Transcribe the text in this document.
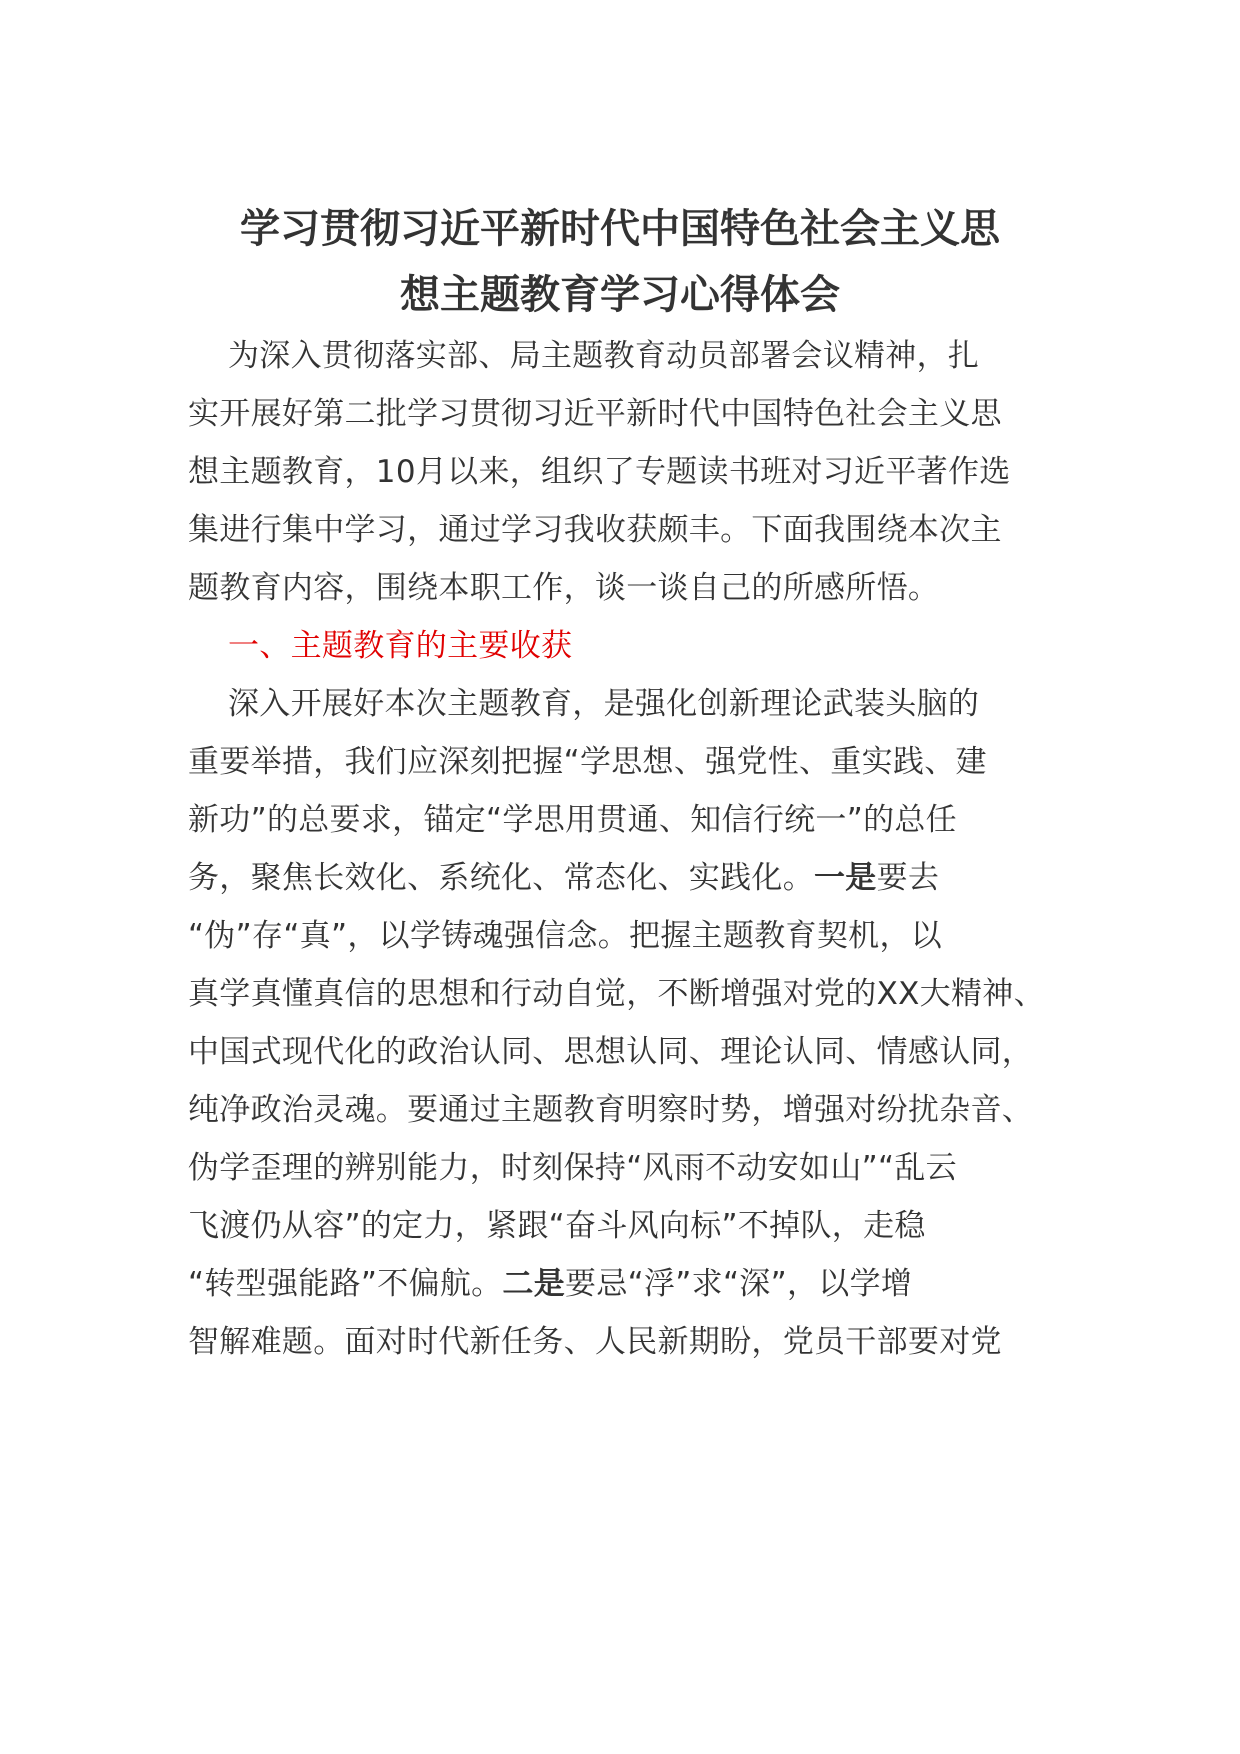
学习贯彻习近平新时代中国特色社会主义思
想主题教育学习心得体会
为深入贯彻落实部、局主题教育动员部署会议精神，扎
实开展好第二批学习贯彻习近平新时代中国特色社会主义思
想主题教育，10月以来，组织了专题读书班对习近平著作选
集进行集中学习，通过学习我收获颇丰。下面我围绕本次主
题教育内容，围绕本职工作，谈一谈自己的所感所悟。
一、主题教育的主要收获
深入开展好本次主题教育，是强化创新理论武装头脑的
重要举措，我们应深刻把握“学思想、强党性、重实践、建
新功”的总要求，锚定“学思用贯通、知信行统一”的总任
务，聚焦长效化、系统化、常态化、实践化。一是要去
“伪”存“真”，以学铸魂强信念。把握主题教育契机，以
真学真懂真信的思想和行动自觉，不断增强对党的XX大精神、
中国式现代化的政治认同、思想认同、理论认同、情感认同，
纯净政治灵魂。要通过主题教育明察时势，增强对纷扰杂音、
伪学歪理的辨别能力，时刻保持“风雨不动安如山”“乱云
飞渡仍从容”的定力，紧跟“奋斗风向标”不掉队，走稳
“转型强能路”不偏航。二是要忌“浮”求“深”，以学增
智解难题。面对时代新任务、人民新期盼，党员干部要对党
